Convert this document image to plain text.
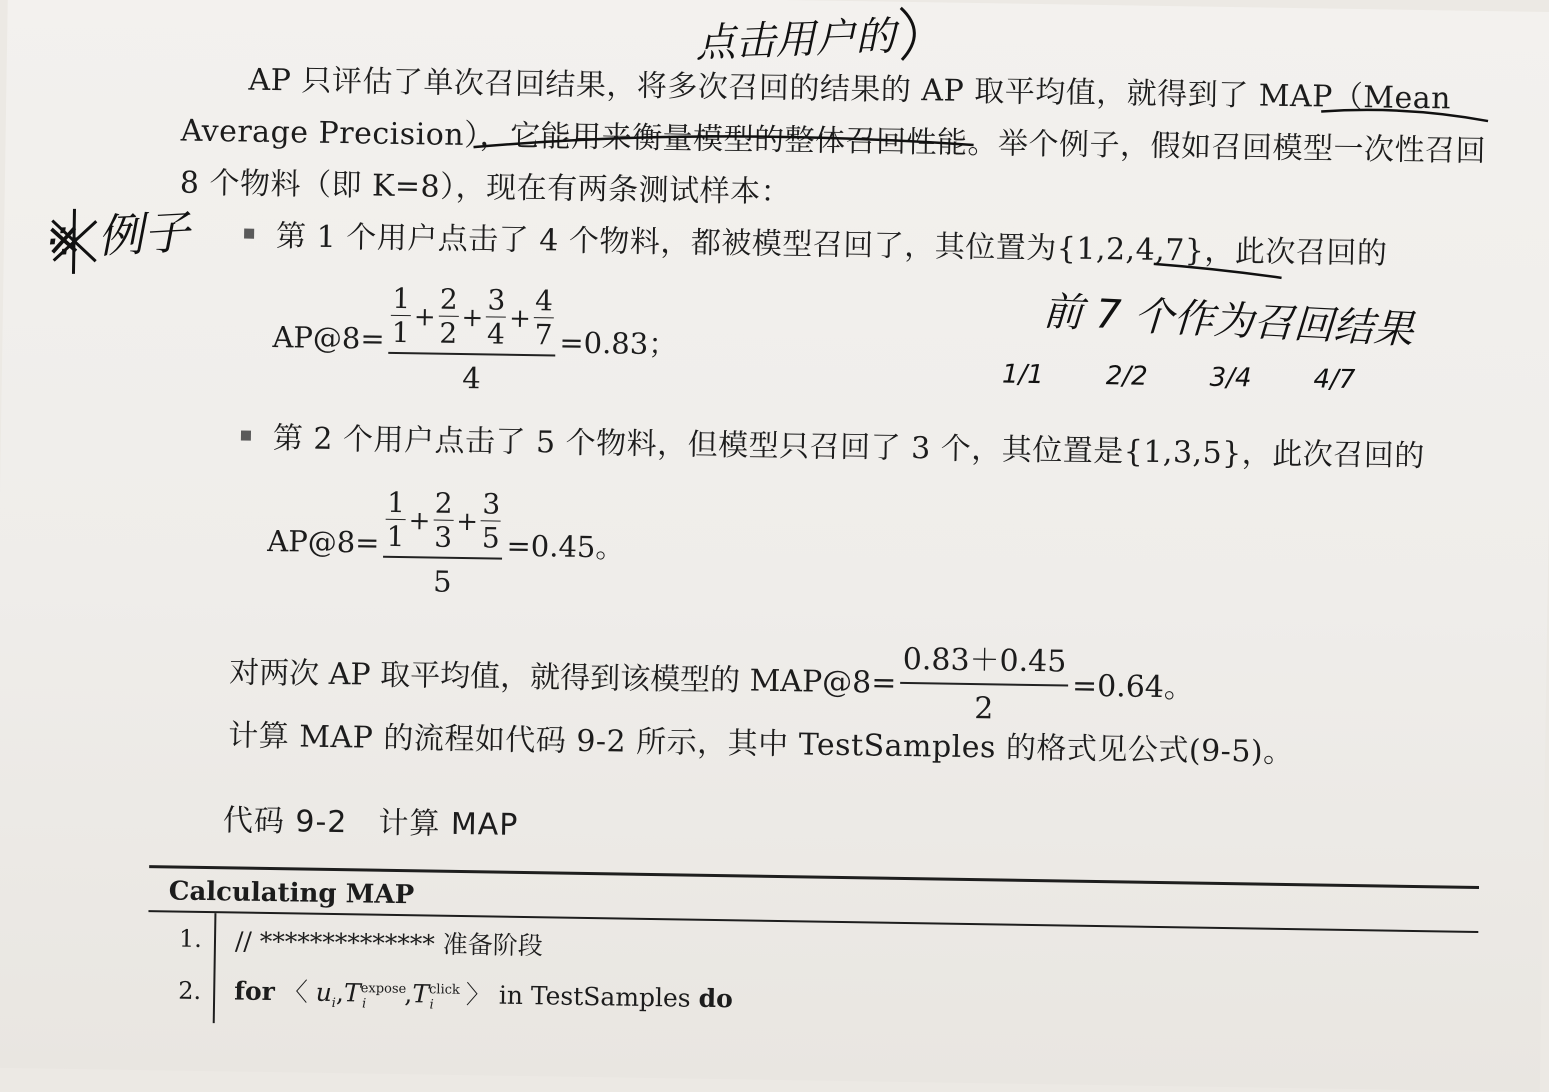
AP 只评估了单次召回结果，将多次召回的结果的 AP 取平均值，就得到了 MAP（Mean
Average Precision），它能用来衡量模型的整体召回性能。举个例子，假如召回模型一次性召回
8 个物料（即 K=8），现在有两条测试样本：
第 1 个用户点击了 4 个物料，都被模型召回了，其位置为{1,2,4,7}，此次召回的
AP@8=
1
$1 + \frac{2}{2} + \frac{3}{4} + \frac{4}{7}$
4
=0.83；
第 2 个用户点击了 5 个物料，但模型只召回了 3 个，其位置是{1,3,5}，此次召回的
AP@8= 1
$1 + \frac{2}{3} + \frac{3}{5}$
5 =0.45。
对两次 AP 取平均值，就得到该模型的 MAP@8= $\frac{0.83+0.45}{2} =0.64$。
计算 MAP 的流程如代码 9-2 所示，其中 TestSamples 的格式见公式(9-5)。
代码 9-2　计算 MAP
Calculating MAP
1. // ************** 准备阶段
2. for 〈 $u_i,T^{expose}_i$ $,T^{click}_i$ 〉 in TestSamples do
点击用户的
※ 例子
前 7 个作为召回结果
1/1 2/2 3/4 4/7
